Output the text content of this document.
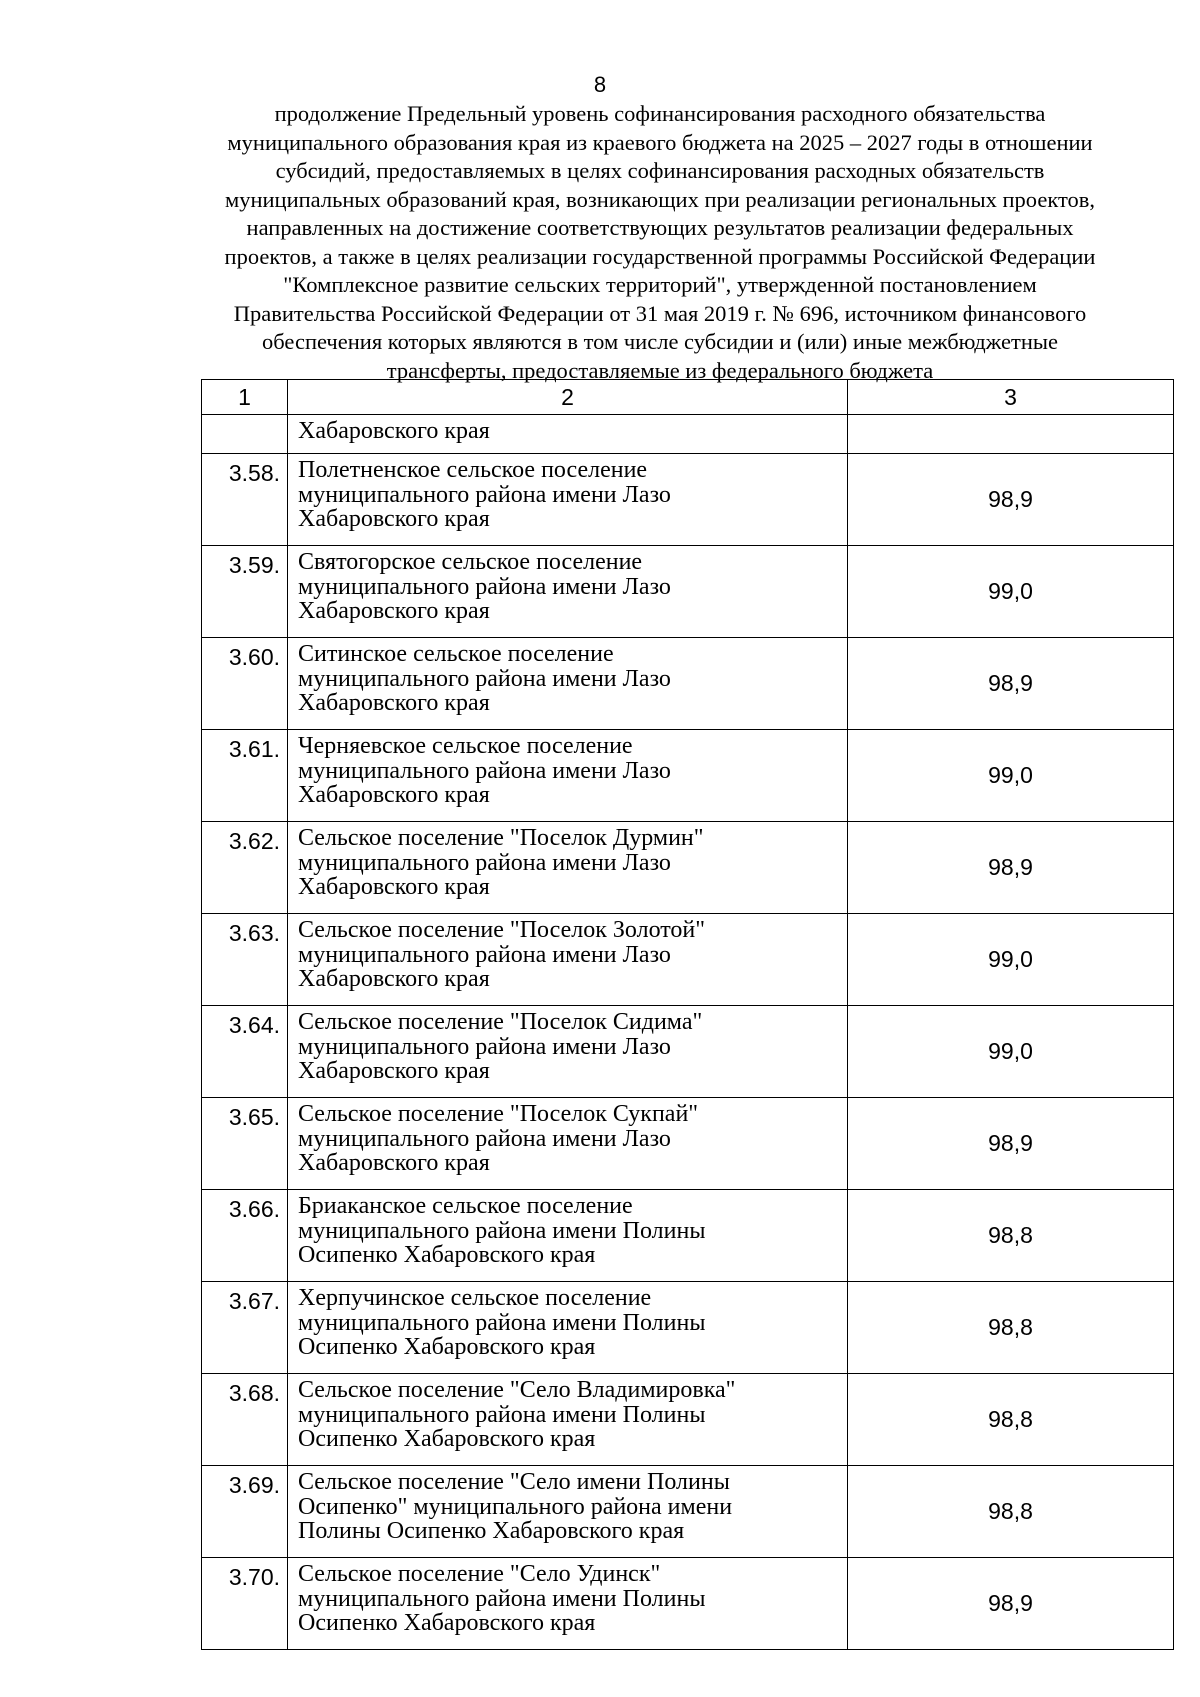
8
продолжение Предельный уровень софинансирования расходного обязательства
муниципального образования края из краевого бюджета на 2025 – 2027 годы в отношении
субсидий, предоставляемых в целях софинансирования расходных обязательств
муниципальных образований края, возникающих при реализации региональных проектов,
направленных на достижение соответствующих результатов реализации федеральных
проектов, а также в целях реализации государственной программы Российской Федерации
"Комплексное развитие сельских территорий", утвержденной постановлением
Правительства Российской Федерации от 31 мая 2019 г. № 696, источником финансового
обеспечения которых являются в том числе субсидии и (или) иные межбюджетные
трансферты, предоставляемые из федерального бюджета
1	2	3
	Хабаровского края	
3.58.	Полетненское сельское поселение
муниципального района имени Лазо
Хабаровского края	98,9
3.59.	Святогорское сельское поселение
муниципального района имени Лазо
Хабаровского края	99,0
3.60.	Ситинское сельское поселение
муниципального района имени Лазо
Хабаровского края	98,9
3.61.	Черняевское сельское поселение
муниципального района имени Лазо
Хабаровского края	99,0
3.62.	Сельское поселение "Поселок Дурмин"
муниципального района имени Лазо
Хабаровского края	98,9
3.63.	Сельское поселение "Поселок Золотой"
муниципального района имени Лазо
Хабаровского края	99,0
3.64.	Сельское поселение "Поселок Сидима"
муниципального района имени Лазо
Хабаровского края	99,0
3.65.	Сельское поселение "Поселок Сукпай"
муниципального района имени Лазо
Хабаровского края	98,9
3.66.	Бриаканское сельское поселение
муниципального района имени Полины
Осипенко Хабаровского края	98,8
3.67.	Херпучинское сельское поселение
муниципального района имени Полины
Осипенко Хабаровского края	98,8
3.68.	Сельское поселение "Село Владимировка"
муниципального района имени Полины
Осипенко Хабаровского края	98,8
3.69.	Сельское поселение "Село имени Полины
Осипенко" муниципального района имени
Полины Осипенко Хабаровского края	98,8
3.70.	Сельское поселение "Село Удинск"
муниципального района имени Полины
Осипенко Хабаровского края	98,9
